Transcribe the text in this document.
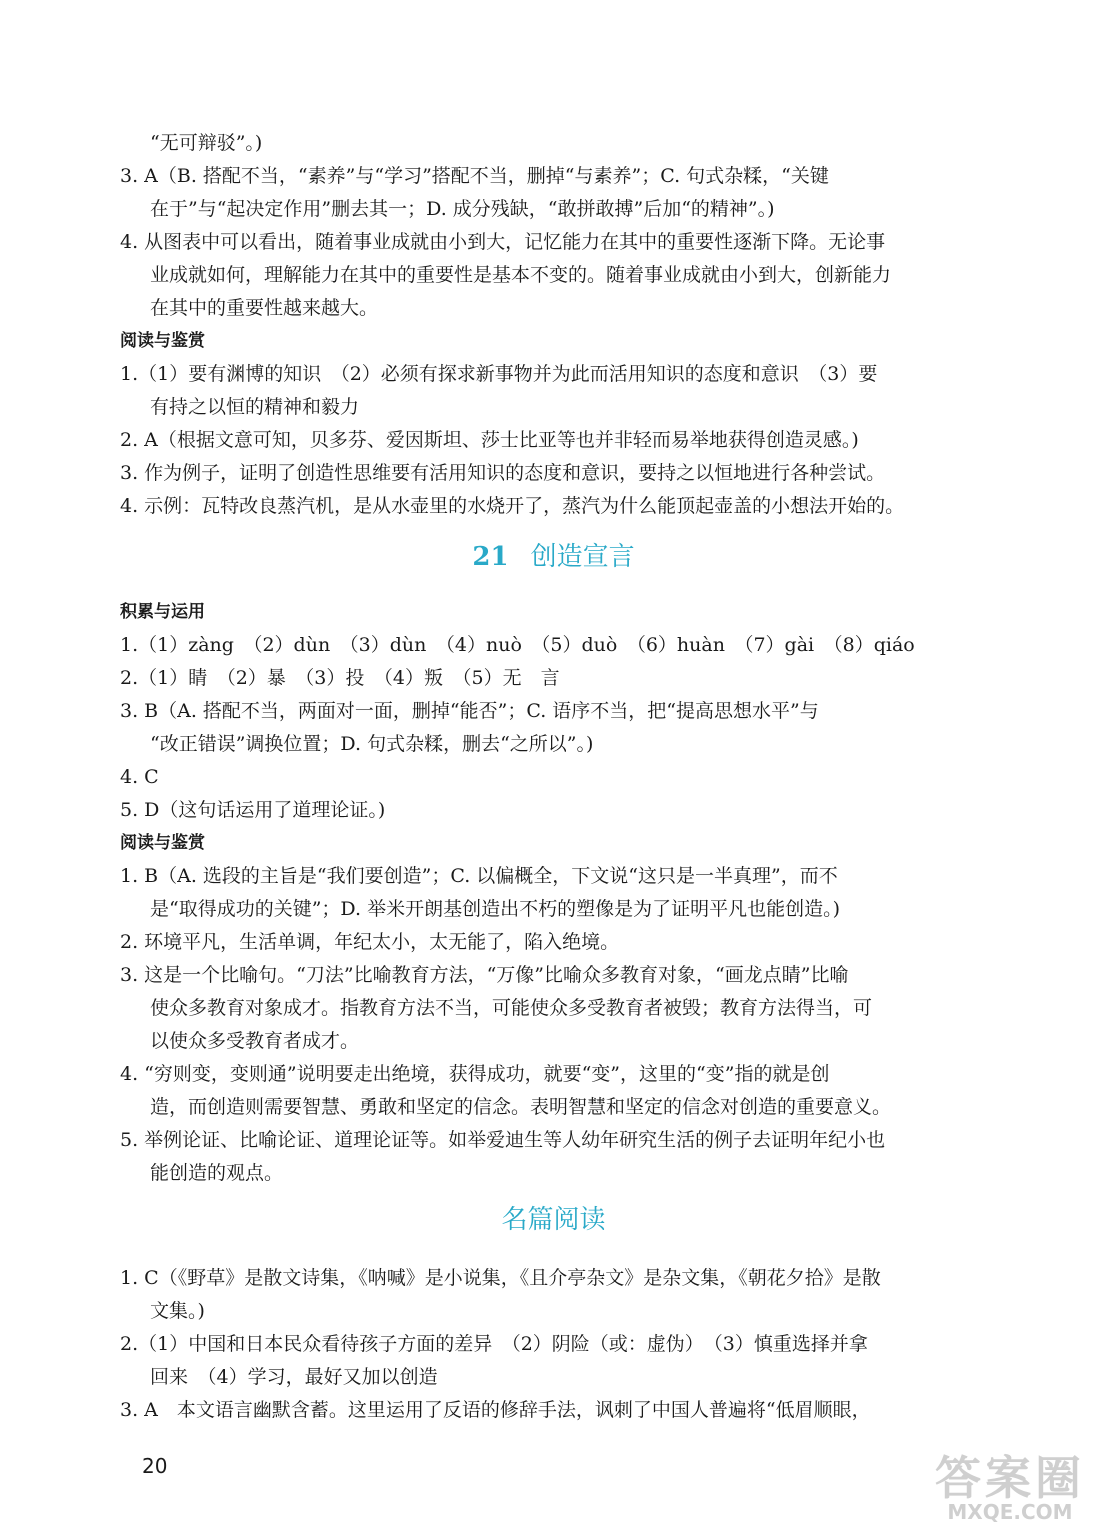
“无可辩驳”。)
3. A（B. 搭配不当，“素养”与“学习”搭配不当，删掉“与素养”；C. 句式杂糅，“关键
在于”与“起决定作用”删去其一；D. 成分残缺，“敢拼敢搏”后加“的精神”。)
4. 从图表中可以看出，随着事业成就由小到大，记忆能力在其中的重要性逐渐下降。无论事
业成就如何，理解能力在其中的重要性是基本不变的。随着事业成就由小到大，创新能力
在其中的重要性越来越大。
阅读与鉴赏
1.（1）要有渊博的知识　（2）必须有探求新事物并为此而活用知识的态度和意识　（3）要
有持之以恒的精神和毅力
2. A（根据文意可知，贝多芬、爱因斯坦、莎士比亚等也并非轻而易举地获得创造灵感。)
3. 作为例子，证明了创造性思维要有活用知识的态度和意识，要持之以恒地进行各种尝试。
4. 示例：瓦特改良蒸汽机，是从水壶里的水烧开了，蒸汽为什么能顶起壶盖的小想法开始的。
21 创造宣言
积累与运用
1.（1）zàng　（2）dùn　（3）dùn　（4）nuò　（5）duò　（6）huàn　（7）gài　（8）qiáo
2.（1）睛　（2）暴　（3）投　（4）叛　（5）无　言
3. B（A. 搭配不当，两面对一面，删掉“能否”；C. 语序不当，把“提高思想水平”与
“改正错误”调换位置；D. 句式杂糅，删去“之所以”。)
4. C
5. D（这句话运用了道理论证。)
阅读与鉴赏
1. B（A. 选段的主旨是“我们要创造”；C. 以偏概全，下文说“这只是一半真理”，而不
是“取得成功的关键”；D. 举米开朗基创造出不朽的塑像是为了证明平凡也能创造。)
2. 环境平凡，生活单调，年纪太小，太无能了，陷入绝境。
3. 这是一个比喻句。“刀法”比喻教育方法，“万像”比喻众多教育对象，“画龙点睛”比喻
使众多教育对象成才。指教育方法不当，可能使众多受教育者被毁；教育方法得当，可
以使众多受教育者成才。
4. “穷则变，变则通”说明要走出绝境，获得成功，就要“变”，这里的“变”指的就是创
造，而创造则需要智慧、勇敢和坚定的信念。表明智慧和坚定的信念对创造的重要意义。
5. 举例论证、比喻论证、道理论证等。如举爱迪生等人幼年研究生活的例子去证明年纪小也
能创造的观点。
名篇阅读
1. C（《野草》是散文诗集，《呐喊》是小说集，《且介亭杂文》是杂文集，《朝花夕拾》是散
文集。)
2.（1）中国和日本民众看待孩子方面的差异　（2）阴险（或：虚伪）　（3）慎重选择并拿
回来　（4）学习，最好又加以创造
3. A　本文语言幽默含蓄。这里运用了反语的修辞手法，讽刺了中国人普遍将“低眉顺眼，
20	答案圈
MXQE.COM
